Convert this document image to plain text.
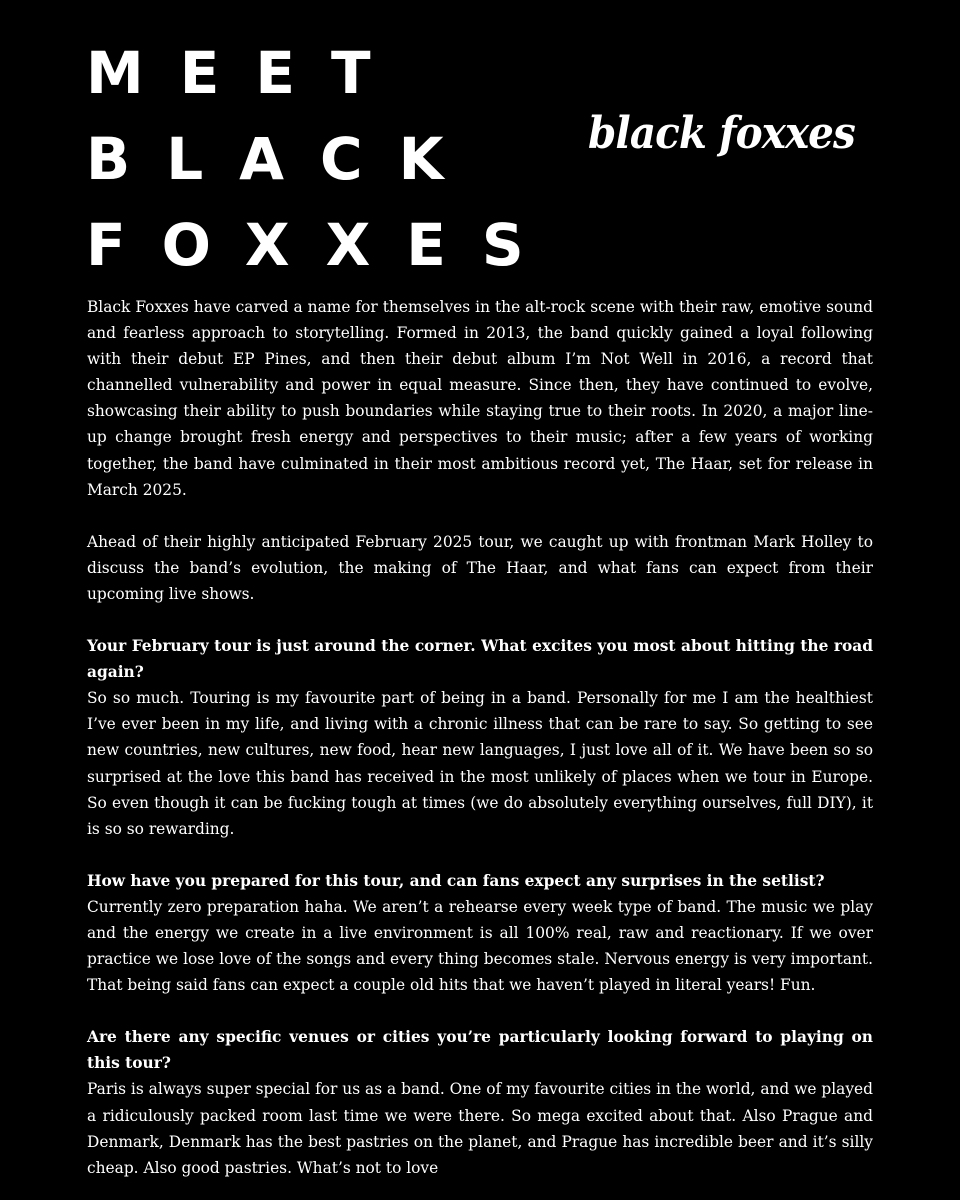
MEET
BLACK
FOXXES
black foxxes

Black Foxxes have carved a name for themselves in the alt-rock scene with their raw, emotive sound and fearless approach to storytelling. Formed in 2013, the band quickly gained a loyal following with their debut EP Pines, and then their debut album I’m Not Well in 2016, a record that channelled vulnerability and power in equal measure. Since then, they have continued to evolve, showcasing their ability to push boundaries while staying true to their roots. In 2020, a major line-up change brought fresh energy and perspectives to their music; after a few years of working together, the band have culminated in their most ambitious record yet, The Haar, set for release in March 2025.

Ahead of their highly anticipated February 2025 tour, we caught up with frontman Mark Holley to discuss the band’s evolution, the making of The Haar, and what fans can expect from their upcoming live shows.

Your February tour is just around the corner. What excites you most about hitting the road again?

So so much. Touring is my favourite part of being in a band. Personally for me I am the healthiest I’ve ever been in my life, and living with a chronic illness that can be rare to say. So getting to see new countries, new cultures, new food, hear new languages, I just love all of it. We have been so so surprised at the love this band has received in the most unlikely of places when we tour in Europe. So even though it can be fucking tough at times (we do absolutely everything ourselves, full DIY), it is so so rewarding.

How have you prepared for this tour, and can fans expect any surprises in the setlist?

Currently zero preparation haha. We aren’t a rehearse every week type of band. The music we play and the energy we create in a live environment is all 100% real, raw and reactionary. If we over practice we lose love of the songs and every thing becomes stale. Nervous energy is very important. That being said fans can expect a couple old hits that we haven’t played in literal years! Fun.

Are there any specific venues or cities you’re particularly looking forward to playing on this tour?

Paris is always super special for us as a band. One of my favourite cities in the world, and we played a ridiculously packed room last time we were there. So mega excited about that. Also Prague and Denmark, Denmark has the best pastries on the planet, and Prague has incredible beer and it’s silly cheap. Also good pastries. What’s not to love
